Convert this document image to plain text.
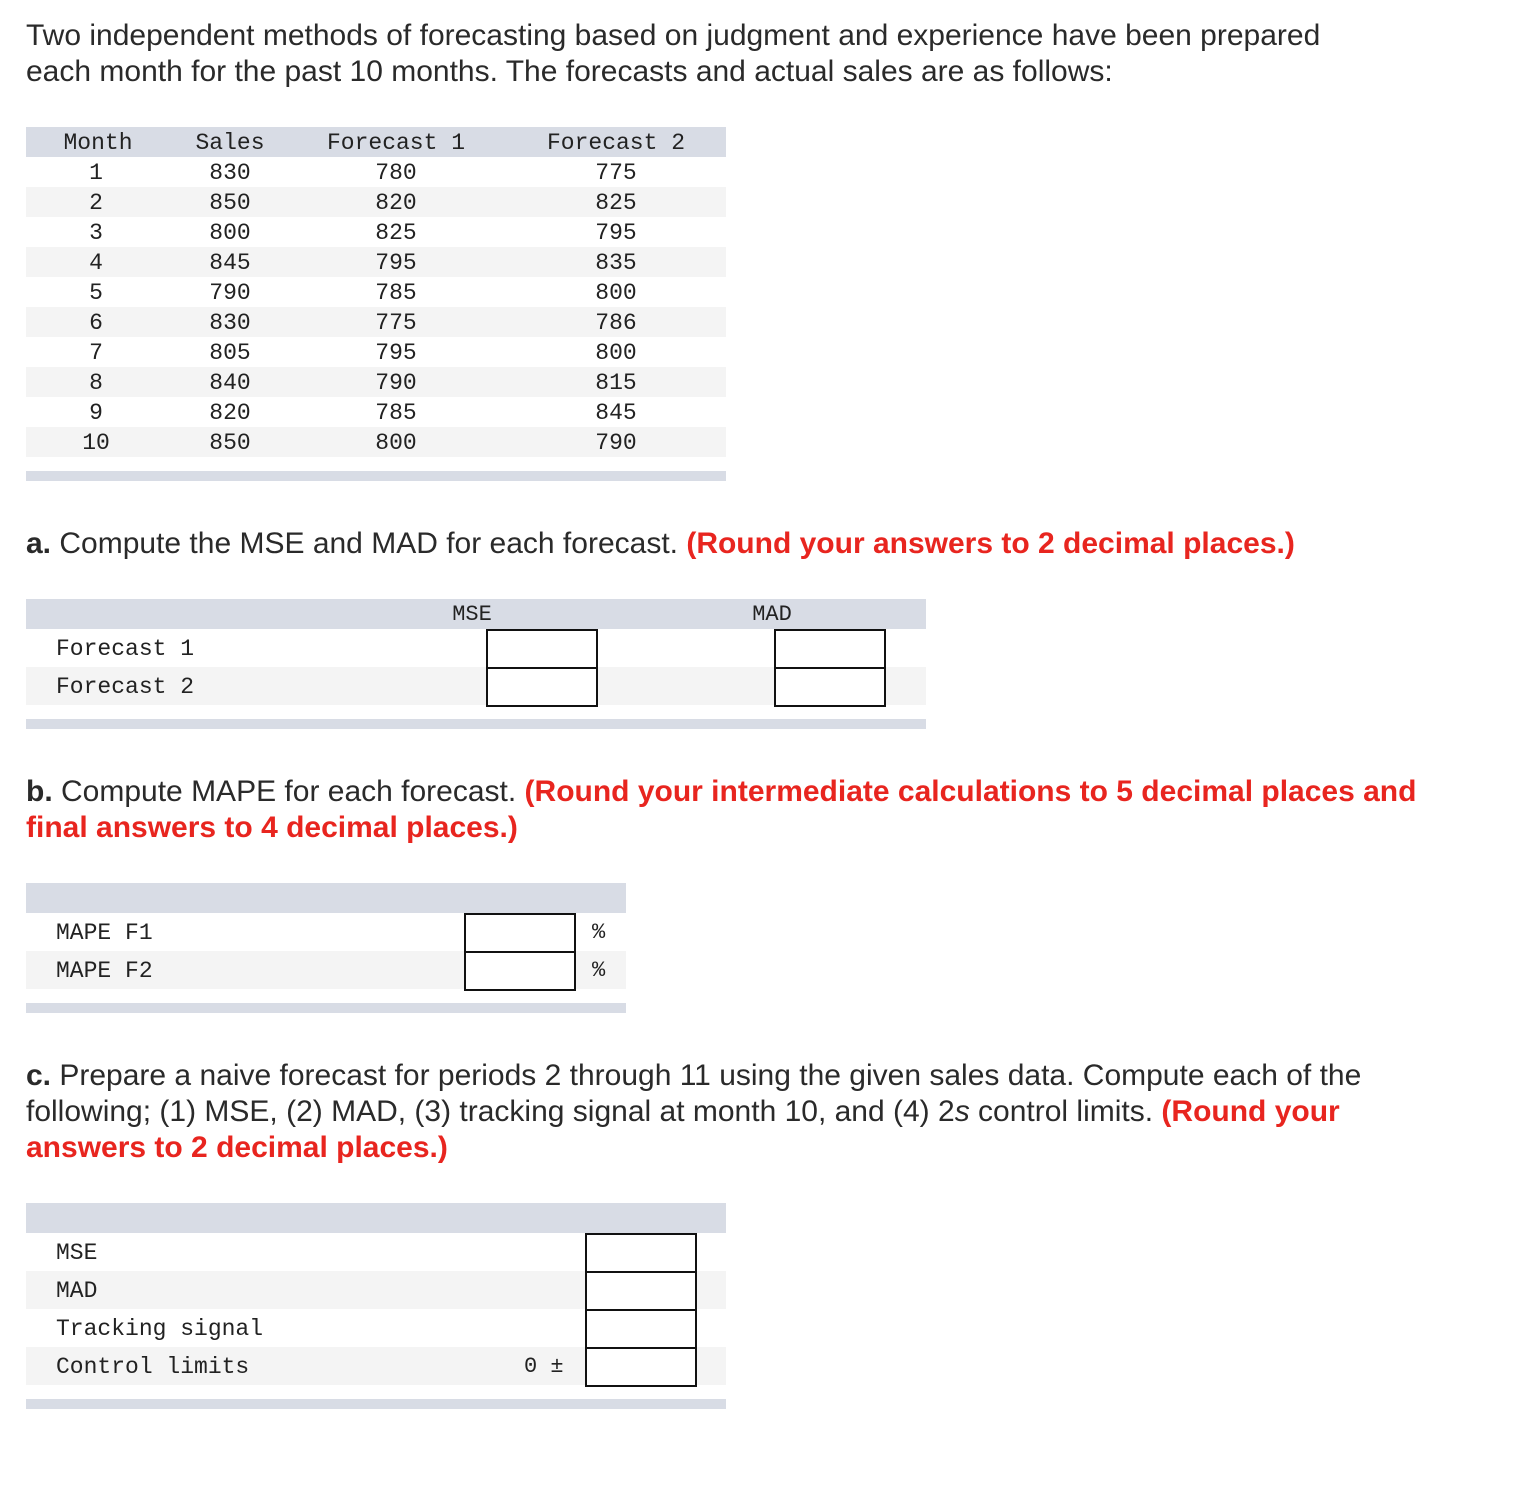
Two independent methods of forecasting based on judgment and experience have been prepared
each month for the past 10 months. The forecasts and actual sales are as follows:

Month	Sales	Forecast 1	Forecast 2
1	830	780	775
2	850	820	825
3	800	825	795
4	845	795	835
5	790	785	800
6	830	775	786
7	805	795	800
8	840	790	815
9	820	785	845
10	850	800	790

a. Compute the MSE and MAD for each forecast. (Round your answers to 2 decimal places.)

MSE	MAD
Forecast 1
Forecast 2

b. Compute MAPE for each forecast. (Round your intermediate calculations to 5 decimal places and
final answers to 4 decimal places.)

MAPE F1	%
MAPE F2	%

c. Prepare a naive forecast for periods 2 through 11 using the given sales data. Compute each of the
following; (1) MSE, (2) MAD, (3) tracking signal at month 10, and (4) 2s control limits. (Round your
answers to 2 decimal places.)

MSE
MAD
Tracking signal
Control limits	0 ±
